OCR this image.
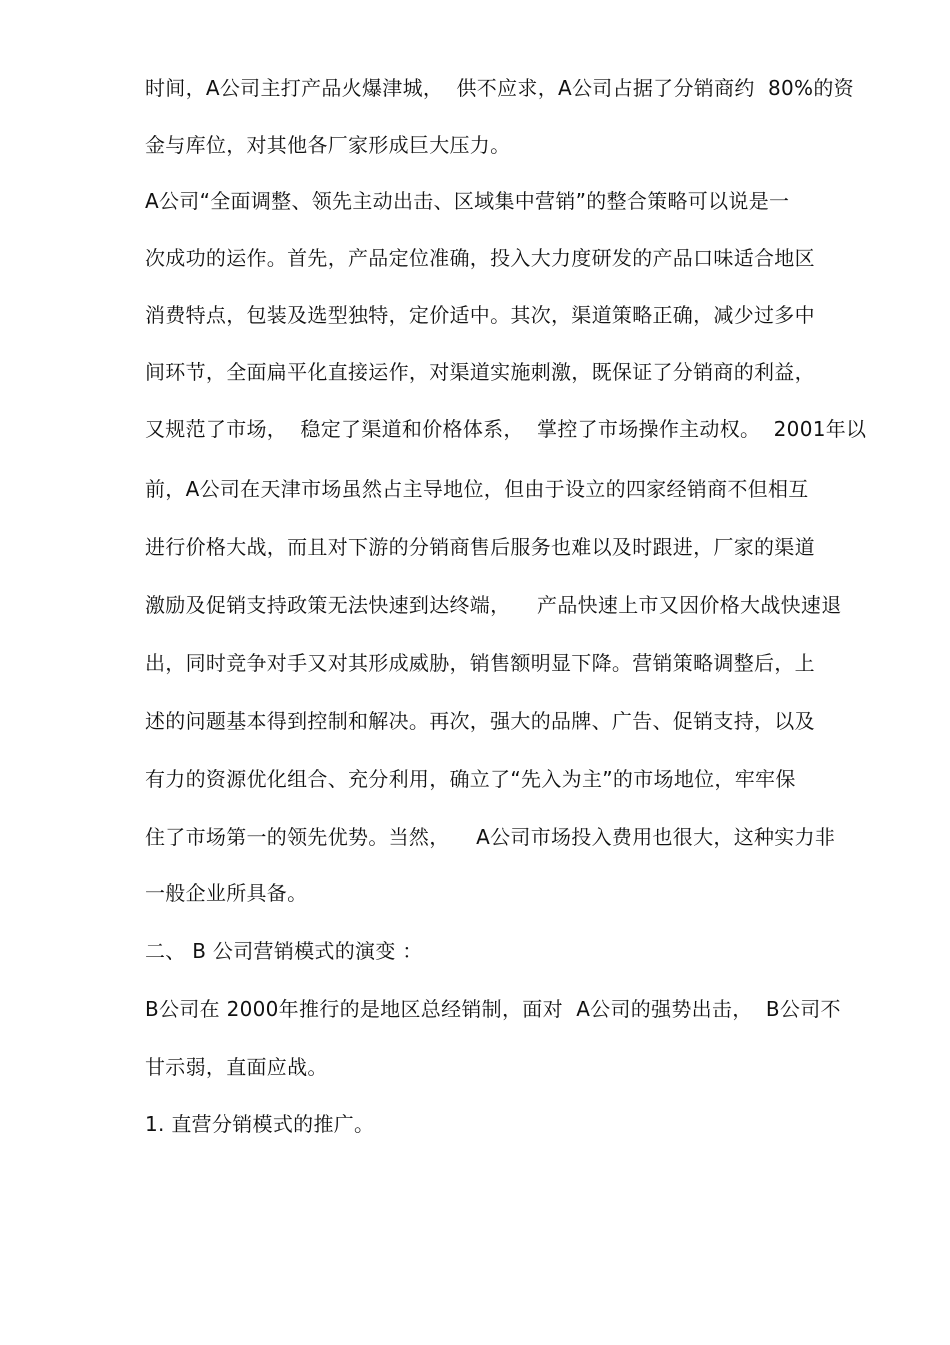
时间，A公司主打产品火爆津城，  供不应求，A公司占据了分销商约  80%的资
金与库位，对其他各厂家形成巨大压力。
A公司“全面调整、领先主动出击、区域集中营销”的整合策略可以说是一
次成功的运作。首先，产品定位准确，投入大力度研发的产品口味适合地区
消费特点，包装及选型独特，定价适中。其次，渠道策略正确，减少过多中
间环节，全面扁平化直接运作，对渠道实施刺激，既保证了分销商的利益，
又规范了市场，  稳定了渠道和价格体系，  掌控了市场操作主动权。  2001年以
前，A公司在天津市场虽然占主导地位，但由于设立的四家经销商不但相互
进行价格大战，而且对下游的分销商售后服务也难以及时跟进，厂家的渠道
激励及促销支持政策无法快速到达终端，    产品快速上市又因价格大战快速退
出，同时竞争对手又对其形成威胁，销售额明显下降。营销策略调整后，上
述的问题基本得到控制和解决。再次，强大的品牌、广告、促销支持，以及
有力的资源优化组合、充分利用，确立了“先入为主”的市场地位，牢牢保
住了市场第一的领先优势。当然，    A公司市场投入费用也很大，这种实力非
一般企业所具备。
二、 B 公司营销模式的演变 ：
B公司在 2000年推行的是地区总经销制，面对  A公司的强势出击，  B公司不
甘示弱，直面应战。
1. 直营分销模式的推广。
